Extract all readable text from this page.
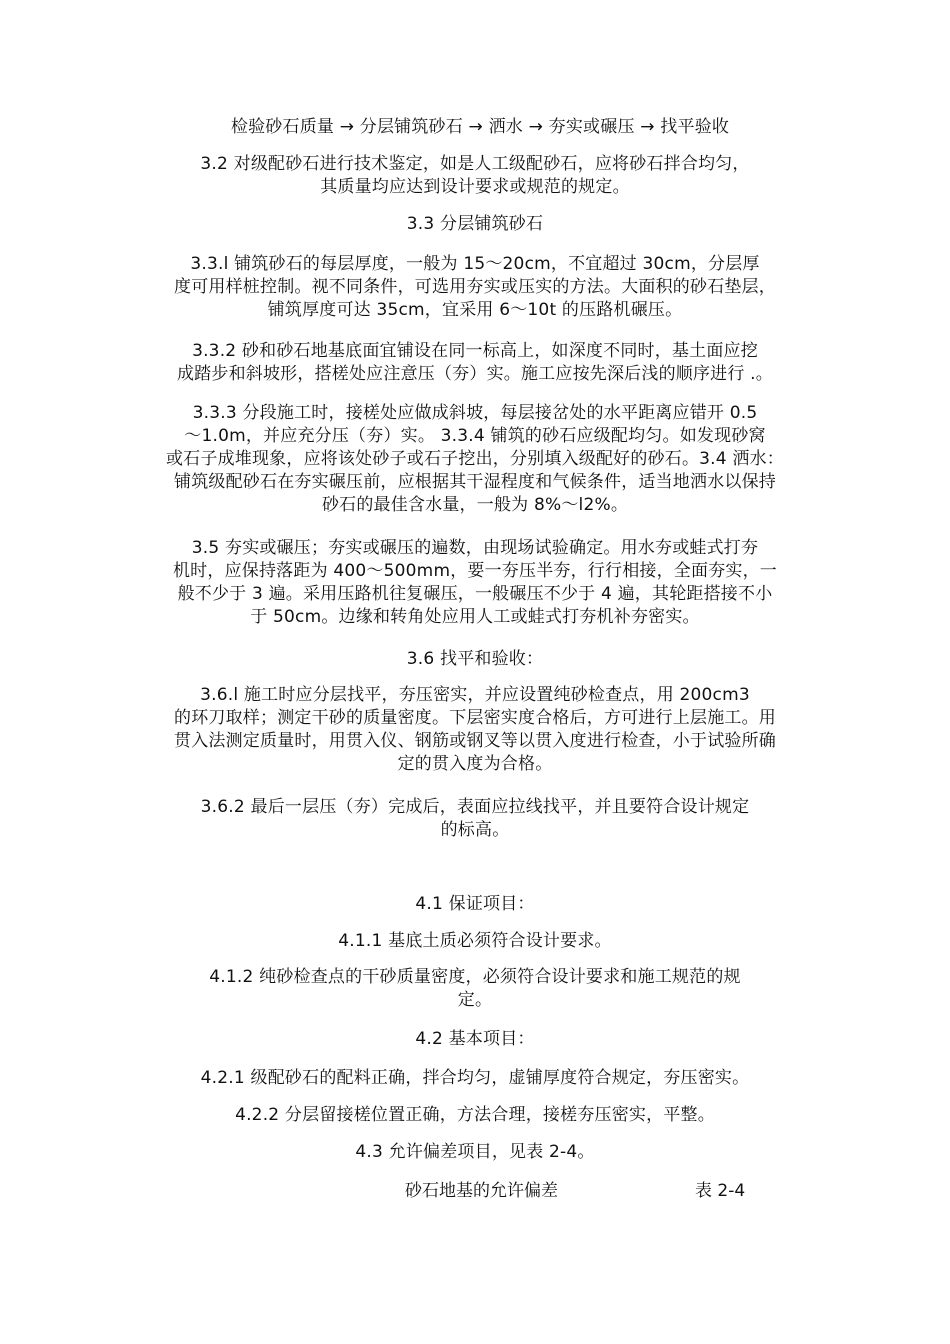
检验砂石质量 → 分层铺筑砂石 → 洒水 → 夯实或碾压 → 找平验收
3.2 对级配砂石进行技术鉴定，如是人工级配砂石，应将砂石拌合均匀，
其质量均应达到设计要求或规范的规定。
3.3 分层铺筑砂石
3.3.l 铺筑砂石的每层厚度，一般为 15～20cm，不宜超过 30cm，分层厚
度可用样桩控制。视不同条件，可选用夯实或压实的方法。大面积的砂石垫层，
铺筑厚度可达 35cm，宜采用 6～10t 的压路机碾压。
3.3.2 砂和砂石地基底面宜铺设在同一标高上，如深度不同时，基土面应挖
成踏步和斜坡形，搭槎处应注意压（夯）实。施工应按先深后浅的顺序进行 .。
3.3.3 分段施工时，接槎处应做成斜坡，每层接岔处的水平距离应错开 0.5
～1.0m，并应充分压（夯）实。 3.3.4 铺筑的砂石应级配均匀。如发现砂窝
或石子成堆现象，应将该处砂子或石子挖出，分别填入级配好的砂石。3.4 洒水：
铺筑级配砂石在夯实碾压前，应根据其干湿程度和气候条件，适当地洒水以保持
砂石的最佳含水量，一般为 8%～l2%。
3.5 夯实或碾压；夯实或碾压的遍数，由现场试验确定。用水夯或蛙式打夯
机时，应保持落距为 400～500mm，要一夯压半夯，行行相接，全面夯实，一
般不少于 3 遍。采用压路机往复碾压，一般碾压不少于 4 遍，其轮距搭接不小
于 50cm。边缘和转角处应用人工或蛙式打夯机补夯密实。
3.6 找平和验收：
3.6.l 施工时应分层找平，夯压密实，并应设置纯砂检查点，用 200cm3
的环刀取样；测定干砂的质量密度。下层密实度合格后，方可进行上层施工。用
贯入法测定质量时，用贯入仪、钢筋或钢叉等以贯入度进行检查，小于试验所确
定的贯入度为合格。
3.6.2 最后一层压（夯）完成后，表面应拉线找平，并且要符合设计规定
的标高。
4.1 保证项目：
4.1.1 基底土质必须符合设计要求。
4.1.2 纯砂检查点的干砂质量密度，必须符合设计要求和施工规范的规
定。
4.2 基本项目：
4.2.1 级配砂石的配料正确，拌合均匀，虚铺厚度符合规定，夯压密实。
4.2.2 分层留接槎位置正确，方法合理，接槎夯压密实，平整。
4.3 允许偏差项目，见表 2-4。
砂石地基的允许偏差	表 2-4
